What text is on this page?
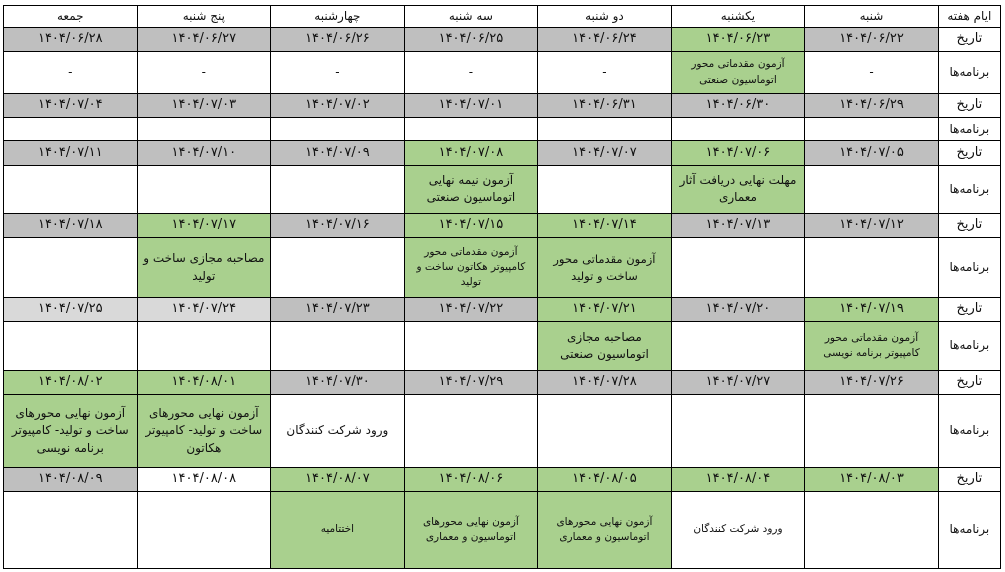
ایام هفته	شنبه	یکشنبه	دو شنبه	سه شنبه	چهارشنبه	پنج شنبه	جمعه
تاریخ	۱۴۰۴/۰۶/۲۲	۱۴۰۴/۰۶/۲۳	۱۴۰۴/۰۶/۲۴	۱۴۰۴/۰۶/۲۵	۱۴۰۴/۰۶/۲۶	۱۴۰۴/۰۶/۲۷	۱۴۰۴/۰۶/۲۸
برنامه‌ها	-	آزمون مقدماتی محور اتوماسیون صنعتی	-	-	-	-	-
تاریخ	۱۴۰۴/۰۶/۲۹	۱۴۰۴/۰۶/۳۰	۱۴۰۴/۰۶/۳۱	۱۴۰۴/۰۷/۰۱	۱۴۰۴/۰۷/۰۲	۱۴۰۴/۰۷/۰۳	۱۴۰۴/۰۷/۰۴
برنامه‌ها							
تاریخ	۱۴۰۴/۰۷/۰۵	۱۴۰۴/۰۷/۰۶	۱۴۰۴/۰۷/۰۷	۱۴۰۴/۰۷/۰۸	۱۴۰۴/۰۷/۰۹	۱۴۰۴/۰۷/۱۰	۱۴۰۴/۰۷/۱۱
برنامه‌ها		مهلت نهایی دریافت آثار معماری		آزمون نیمه نهایی اتوماسیون صنعتی			
تاریخ	۱۴۰۴/۰۷/۱۲	۱۴۰۴/۰۷/۱۳	۱۴۰۴/۰۷/۱۴	۱۴۰۴/۰۷/۱۵	۱۴۰۴/۰۷/۱۶	۱۴۰۴/۰۷/۱۷	۱۴۰۴/۰۷/۱۸
برنامه‌ها			آزمون مقدماتی محور ساخت و تولید	آزمون مقدماتی محور کامپیوتر هکاتون ساخت و تولید		مصاحبه مجازی ساخت و تولید	
تاریخ	۱۴۰۴/۰۷/۱۹	۱۴۰۴/۰۷/۲۰	۱۴۰۴/۰۷/۲۱	۱۴۰۴/۰۷/۲۲	۱۴۰۴/۰۷/۲۳	۱۴۰۴/۰۷/۲۴	۱۴۰۴/۰۷/۲۵
برنامه‌ها	آزمون مقدماتی محور کامپیوتر برنامه نویسی		مصاحبه مجازی اتوماسیون صنعتی				
تاریخ	۱۴۰۴/۰۷/۲۶	۱۴۰۴/۰۷/۲۷	۱۴۰۴/۰۷/۲۸	۱۴۰۴/۰۷/۲۹	۱۴۰۴/۰۷/۳۰	۱۴۰۴/۰۸/۰۱	۱۴۰۴/۰۸/۰۲
برنامه‌ها					ورود شرکت کنندگان	آزمون نهایی محورهای ساخت و تولید- کامپیوتر هکاتون	آزمون نهایی محورهای ساخت و تولید- کامپیوتر برنامه نویسی
تاریخ	۱۴۰۴/۰۸/۰۳	۱۴۰۴/۰۸/۰۴	۱۴۰۴/۰۸/۰۵	۱۴۰۴/۰۸/۰۶	۱۴۰۴/۰۸/۰۷	۱۴۰۴/۰۸/۰۸	۱۴۰۴/۰۸/۰۹
برنامه‌ها		ورود شرکت کنندگان	آزمون نهایی محورهای اتوماسیون و معماری	آزمون نهایی محورهای اتوماسیون و معماری	اختتامیه		
